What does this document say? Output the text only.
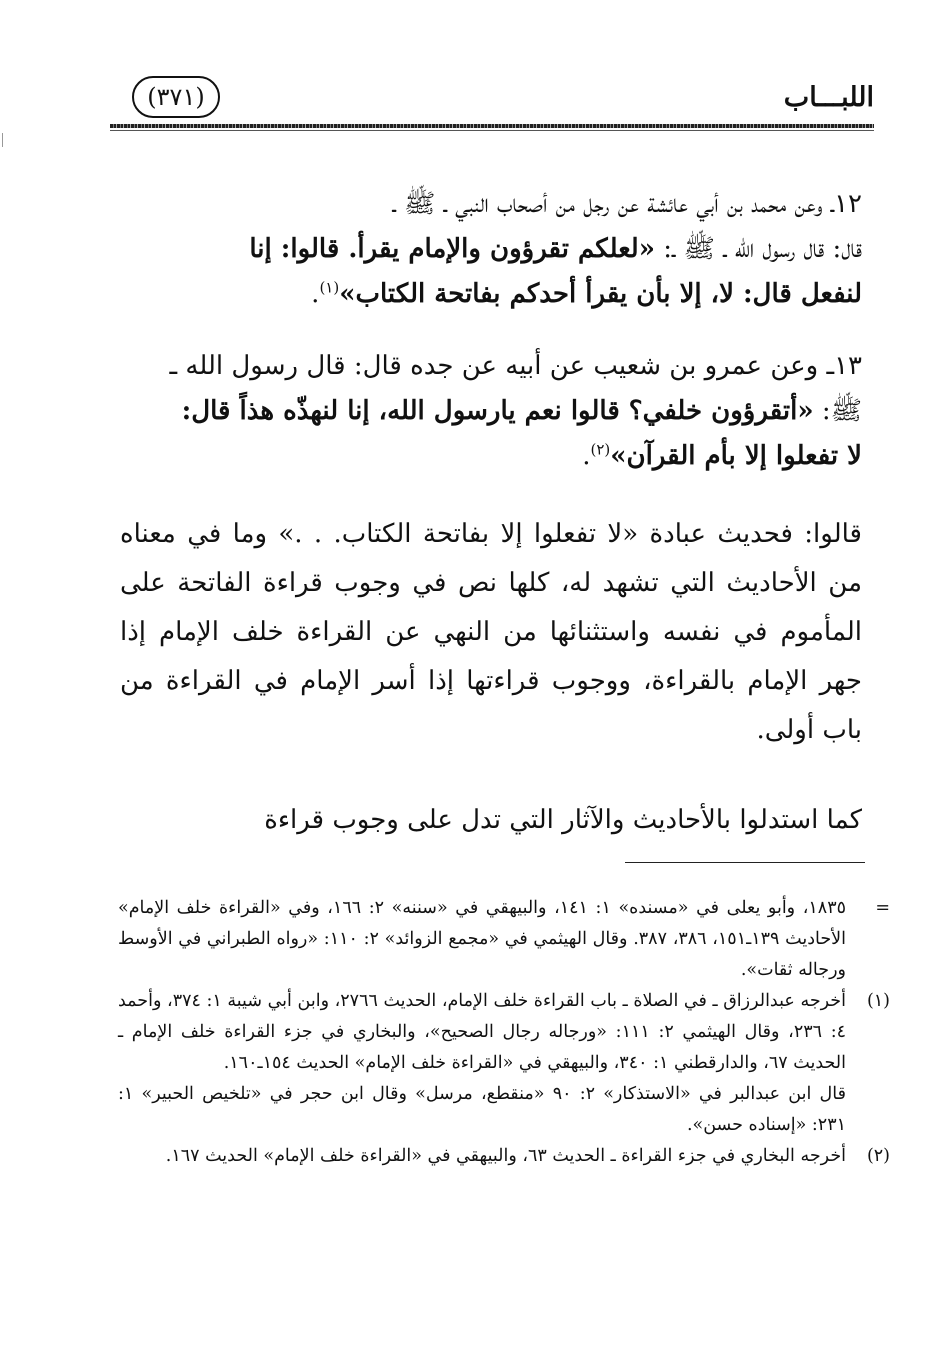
اللبـــاب
(٣٧١)

١٢ـ وعن محمد بن أبي عائشة عن رجل من أصحاب النبي ـ ﷺ ـ

قال: قال رسول الله ـ ﷺ ـ: «لعلكم تقرؤون والإمام يقرأ. قالوا: إنا

لنفعل قال: لا، إلا بأن يقرأ أحدكم بفاتحة الكتاب»$^{(١)}$.

١٣ـ وعن عمرو بن شعيب عن أبيه عن جده قال: قال رسول الله ـ

ﷺ: «أتقرؤون خلفي؟ قالوا نعم يارسول الله، إنا لنهذّه هذاً قال:

لا تفعلوا إلا بأم القرآن»$^{(٢)}$.

قالوا: فحديث عبادة «لا تفعلوا إلا بفاتحة الكتاب. . .» وما في معناه من الأحاديث التي تشهد له، كلها نص في وجوب قراءة الفاتحة على المأموم في نفسه واستثنائها من النهي عن القراءة خلف الإمام إذا جهر الإمام بالقراءة، ووجوب قراءتها إذا أسر الإمام في القراءة من باب أولى.

كما استدلوا بالأحاديث والآثار التي تدل على وجوب قراءة

=

١٨٣٥، وأبو يعلى في «مسنده» ١: ١٤١، والبيهقي في «سننه» ٢: ١٦٦، وفي «القراءة خلف الإمام» الأحاديث ١٣٩ـ١٥١، ٣٨٦، ٣٨٧. وقال الهيثمي في «مجمع الزوائد» ٢: ١١٠: «رواه الطبراني في الأوسط ورجاله ثقات».

(١)

أخرجه عبدالرزاق ـ في الصلاة ـ باب القراءة خلف الإمام، الحديث ٢٧٦٦، وابن أبي شيبة ١: ٣٧٤، وأحمد ٤: ٢٣٦، وقال الهيثمي ٢: ١١١: «ورجاله رجال الصحيح»، والبخاري في جزء القراءة خلف الإمام ـ الحديث ٦٧، والدارقطني ١: ٣٤٠، والبيهقي في «القراءة خلف الإمام» الحديث ١٥٤ـ١٦٠.

قال ابن عبدالبر في «الاستذكار» ٢: ٩٠ «منقطع، مرسل» وقال ابن حجر في «تلخيص الحبير» ١: ٢٣١: «إسناده حسن».

(٢)

أخرجه البخاري في جزء القراءة ـ الحديث ٦٣، والبيهقي في «القراءة خلف الإمام» الحديث ١٦٧.
